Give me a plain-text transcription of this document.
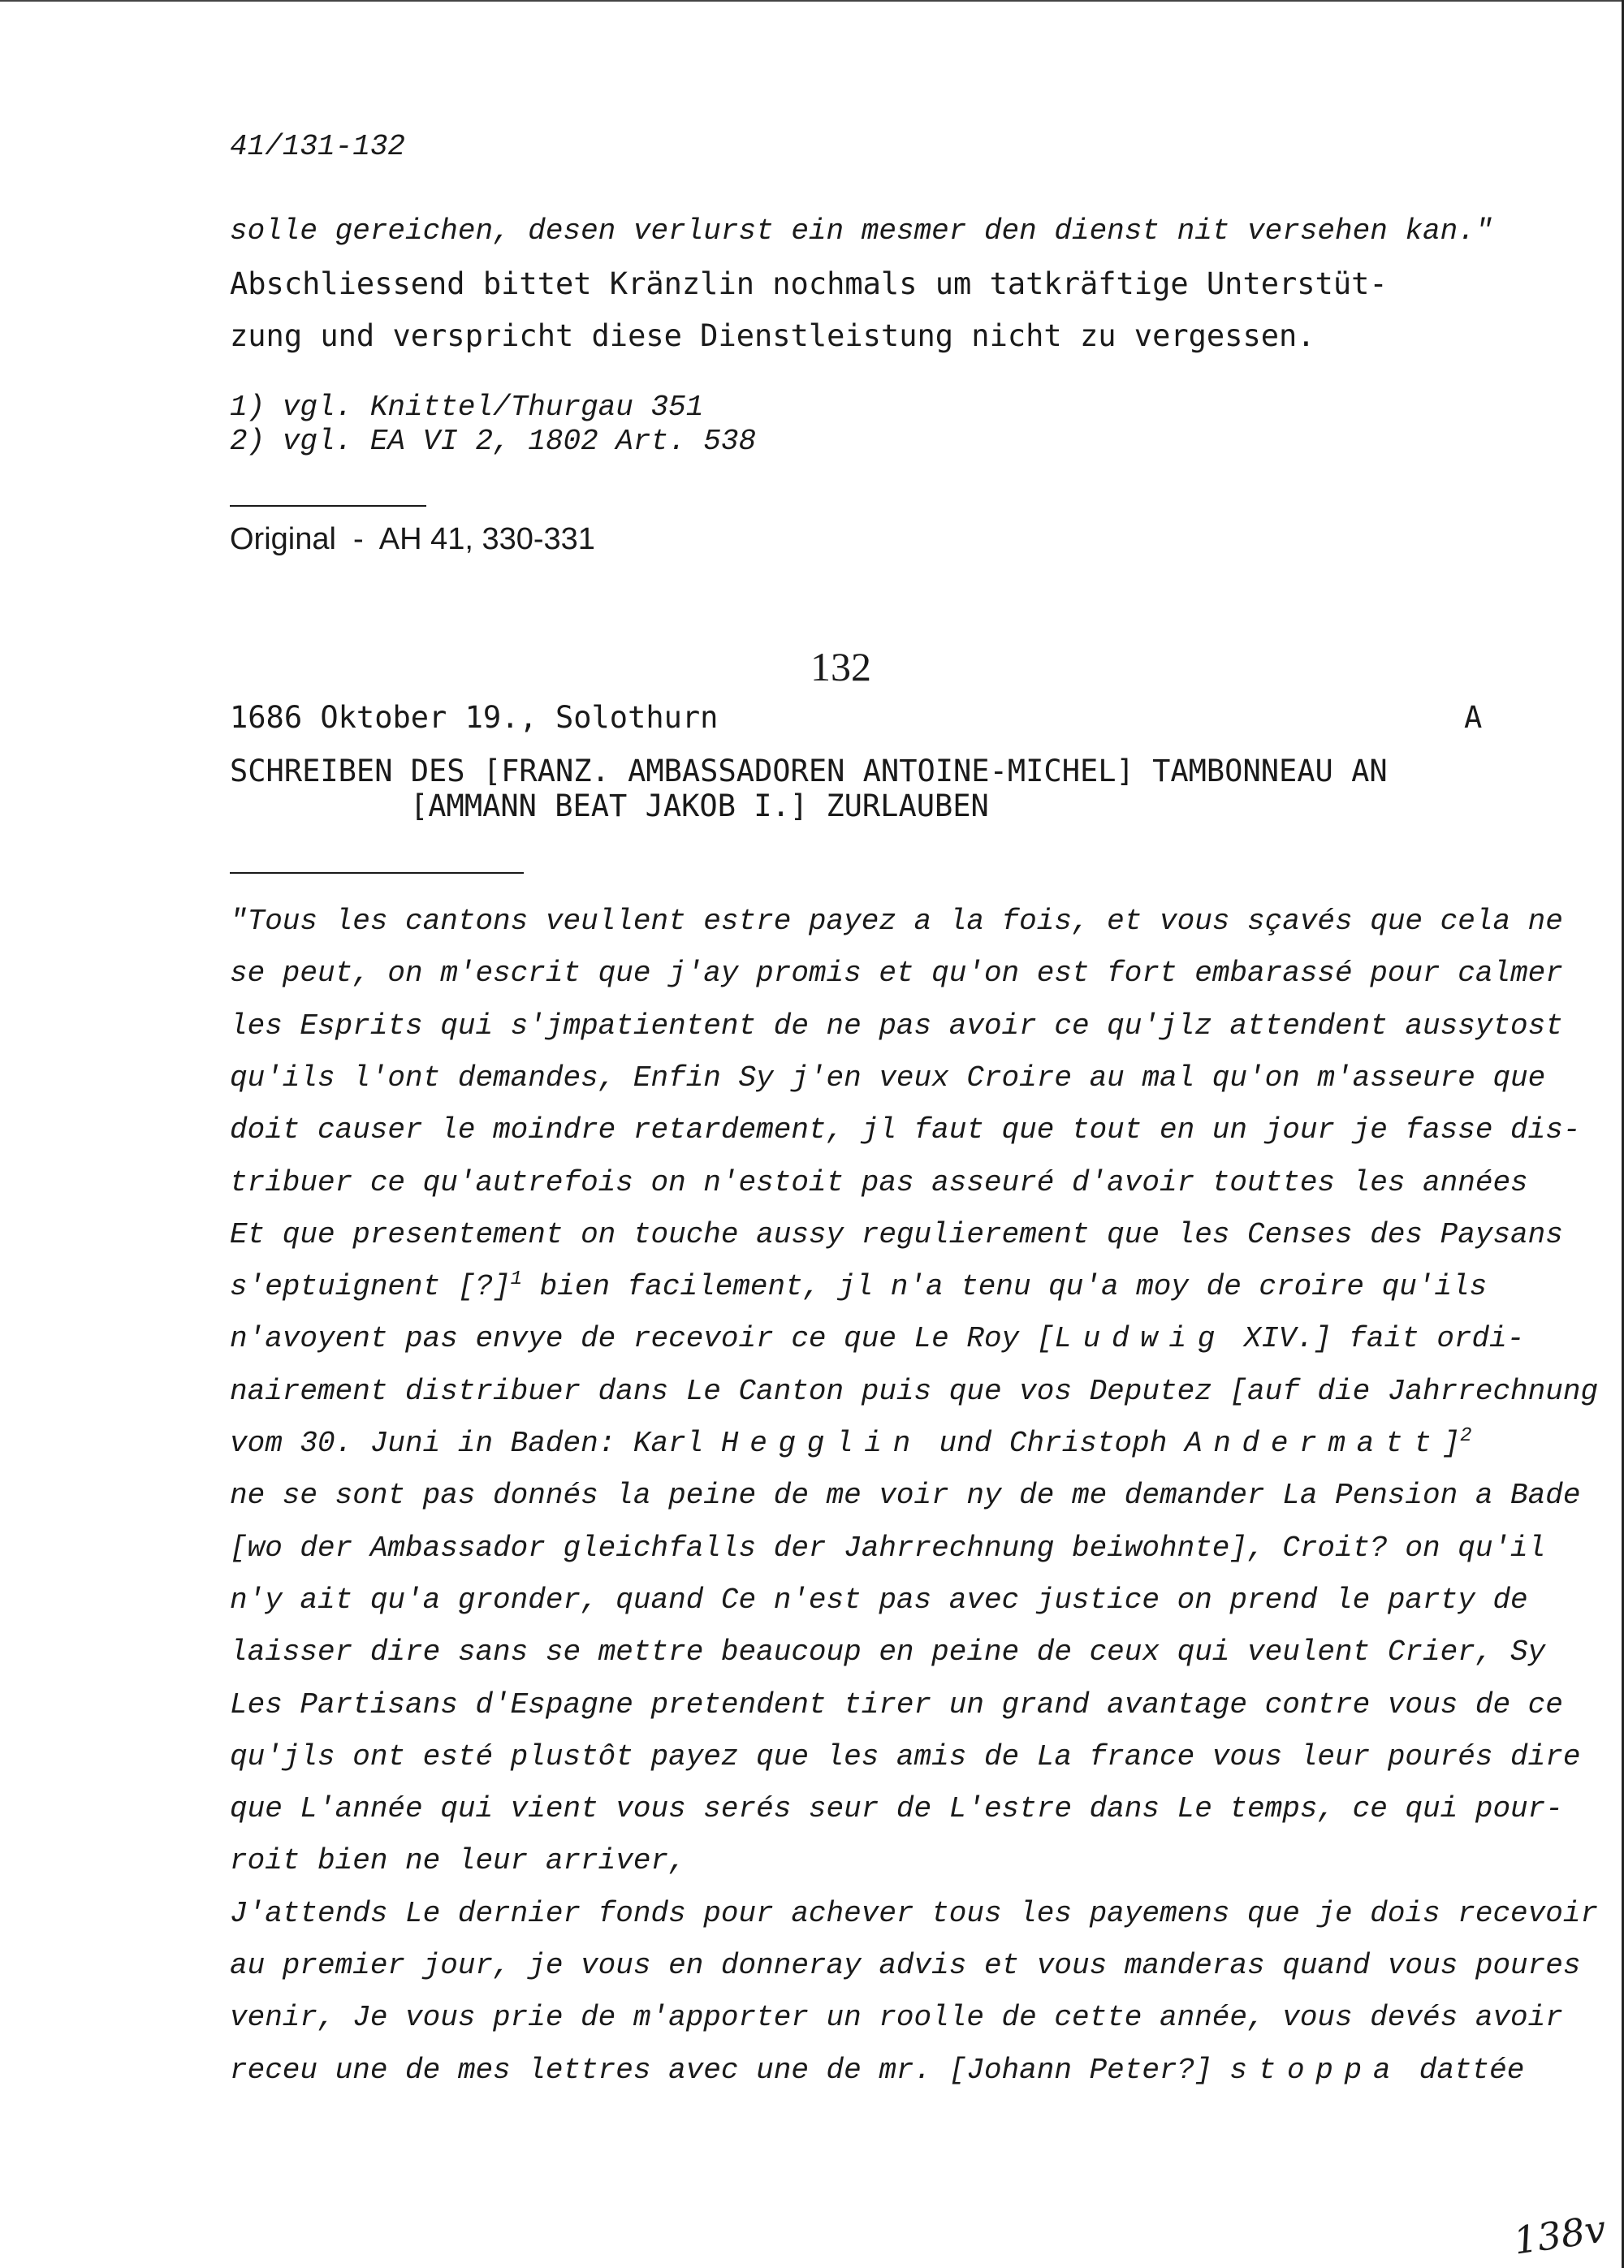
41/131-132
solle gereichen, desen verlurst ein mesmer den dienst nit versehen kan."
Abschliessend bittet Kränzlin nochmals um tatkräftige Unterstüt-
zung und verspricht diese Dienstleistung nicht zu vergessen.
1) vgl. Knittel/Thurgau 351
2) vgl. EA VI 2, 1802 Art. 538
Original  -  AH 41, 330-331
132
1686 Oktober 19., Solothurn	A
SCHREIBEN DES [FRANZ. AMBASSADOREN ANTOINE-MICHEL] TAMBONNEAU AN
[AMMANN BEAT JAKOB I.] ZURLAUBEN
"Tous les cantons veullent estre payez a la fois, et vous sçavés que cela ne
se peut, on m'escrit que j'ay promis et qu'on est fort embarassé pour calmer
les Esprits qui s'jmpatientent de ne pas avoir ce qu'jlz attendent aussytost
qu'ils l'ont demandes, Enfin Sy j'en veux Croire au mal qu'on m'asseure que
doit causer le moindre retardement, jl faut que tout en un jour je fasse dis-
tribuer ce qu'autrefois on n'estoit pas asseuré d'avoir touttes les années
Et que presentement on touche aussy regulierement que les Censes des Paysans
s'eptuignent [?]$^1$ bien facilement, jl n'a tenu qu'a moy de croire qu'ils
n'avoyent pas envye de recevoir ce que Le Roy [Ludwig XIV.] fait ordi-
nairement distribuer dans Le Canton puis que vos Deputez [auf die Jahrrechnung
vom 30. Juni in Baden: Karl Hegglin und Christoph Andermatt]$^2$
ne se sont pas donnés la peine de me voir ny de me demander La Pension a Bade
[wo der Ambassador gleichfalls der Jahrrechnung beiwohnte], Croit? on qu'il
n'y ait qu'a gronder, quand Ce n'est pas avec justice on prend le party de
laisser dire sans se mettre beaucoup en peine de ceux qui veulent Crier, Sy
Les Partisans d'Espagne pretendent tirer un grand avantage contre vous de ce
qu'jls ont esté plustôt payez que les amis de La france vous leur pourés dire
que L'année qui vient vous serés seur de L'estre dans Le temps, ce qui pour-
roit bien ne leur arriver,
J'attends Le dernier fonds pour achever tous les payemens que je dois recevoir
au premier jour, je vous en donneray advis et vous manderas quand vous poures
venir, Je vous prie de m'apporter un roolle de cette année, vous devés avoir
receu une de mes lettres avec une de mr. [Johann Peter?] stoppa dattée
138v
